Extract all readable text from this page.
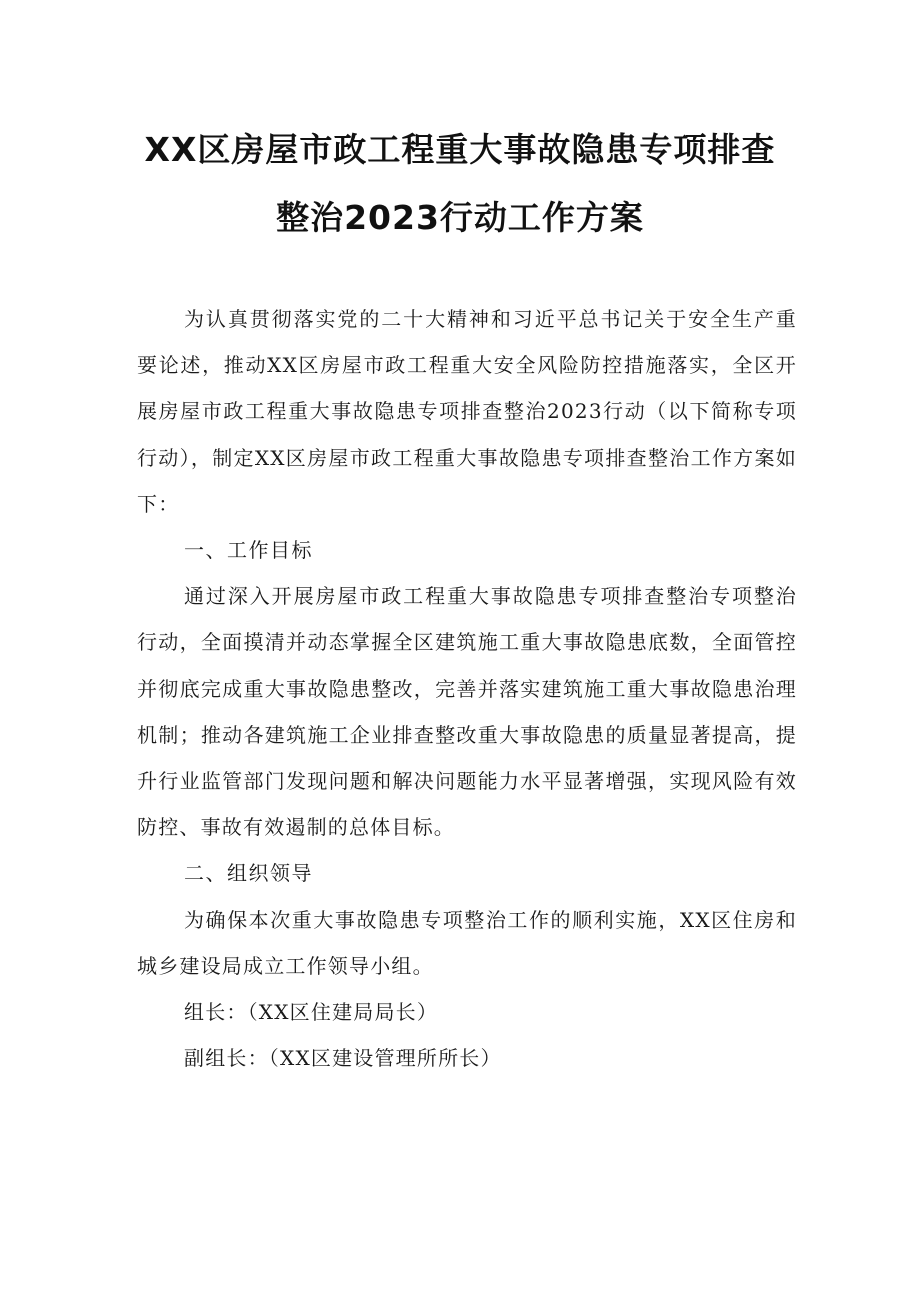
XX区房屋市政工程重大事故隐患专项排查
整治2023行动工作方案

为认真贯彻落实党的二十大精神和习近平总书记关于安全生产重要论述，推动XX区房屋市政工程重大安全风险防控措施落实，全区开展房屋市政工程重大事故隐患专项排查整治2023行动（以下简称专项行动），制定XX区房屋市政工程重大事故隐患专项排查整治工作方案如下：

一、工作目标

通过深入开展房屋市政工程重大事故隐患专项排查整治专项整治行动，全面摸清并动态掌握全区建筑施工重大事故隐患底数，全面管控并彻底完成重大事故隐患整改，完善并落实建筑施工重大事故隐患治理机制；推动各建筑施工企业排查整改重大事故隐患的质量显著提高，提升行业监管部门发现问题和解决问题能力水平显著增强，实现风险有效防控、事故有效遏制的总体目标。

二、组织领导

为确保本次重大事故隐患专项整治工作的顺利实施，XX区住房和城乡建设局成立工作领导小组。

组长：（XX区住建局局长）

副组长：（XX区建设管理所所长）
